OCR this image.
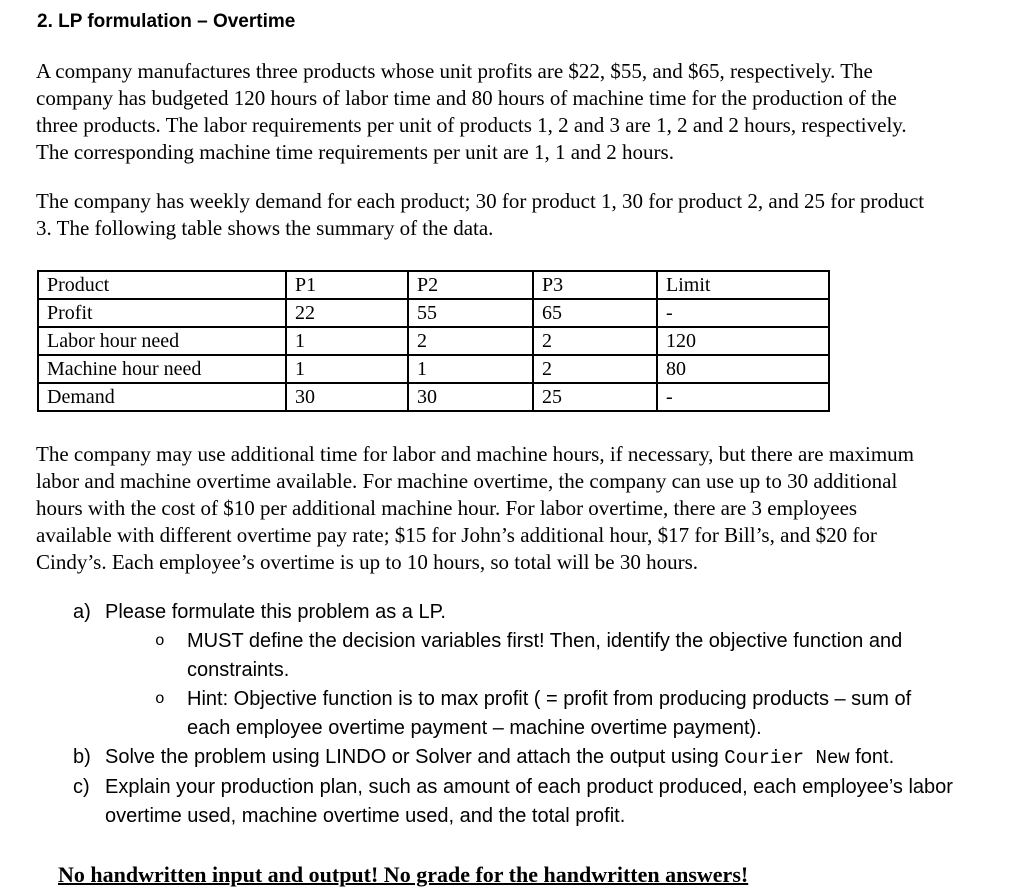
2. LP formulation – Overtime
A company manufactures three products whose unit profits are $22, $55, and $65, respectively. The
company has budgeted 120 hours of labor time and 80 hours of machine time for the production of the
three products. The labor requirements per unit of products 1, 2 and 3 are 1, 2 and 2 hours, respectively.
The corresponding machine time requirements per unit are 1, 1 and 2 hours.
The company has weekly demand for each product; 30 for product 1, 30 for product 2, and 25 for product
3. The following table shows the summary of the data.
Product	P1	P2	P3	Limit
Profit	22	55	65	-
Labor hour need	1	2	2	120
Machine hour need	1	1	2	80
Demand	30	30	25	-
The company may use additional time for labor and machine hours, if necessary, but there are maximum
labor and machine overtime available. For machine overtime, the company can use up to 30 additional
hours with the cost of $10 per additional machine hour. For labor overtime, there are 3 employees
available with different overtime pay rate; $15 for John’s additional hour, $17 for Bill’s, and $20 for
Cindy’s. Each employee’s overtime is up to 10 hours, so total will be 30 hours.
a) Please formulate this problem as a LP.
o	MUST define the decision variables first! Then, identify the objective function and
constraints.
o	Hint: Objective function is to max profit ( = profit from producing products – sum of
each employee overtime payment – machine overtime payment).
b) Solve the problem using LINDO or Solver and attach the output using Courier New font.
c) Explain your production plan, such as amount of each product produced, each employee’s labor
overtime used, machine overtime used, and the total profit.
No handwritten input and output! No grade for the handwritten answers!
